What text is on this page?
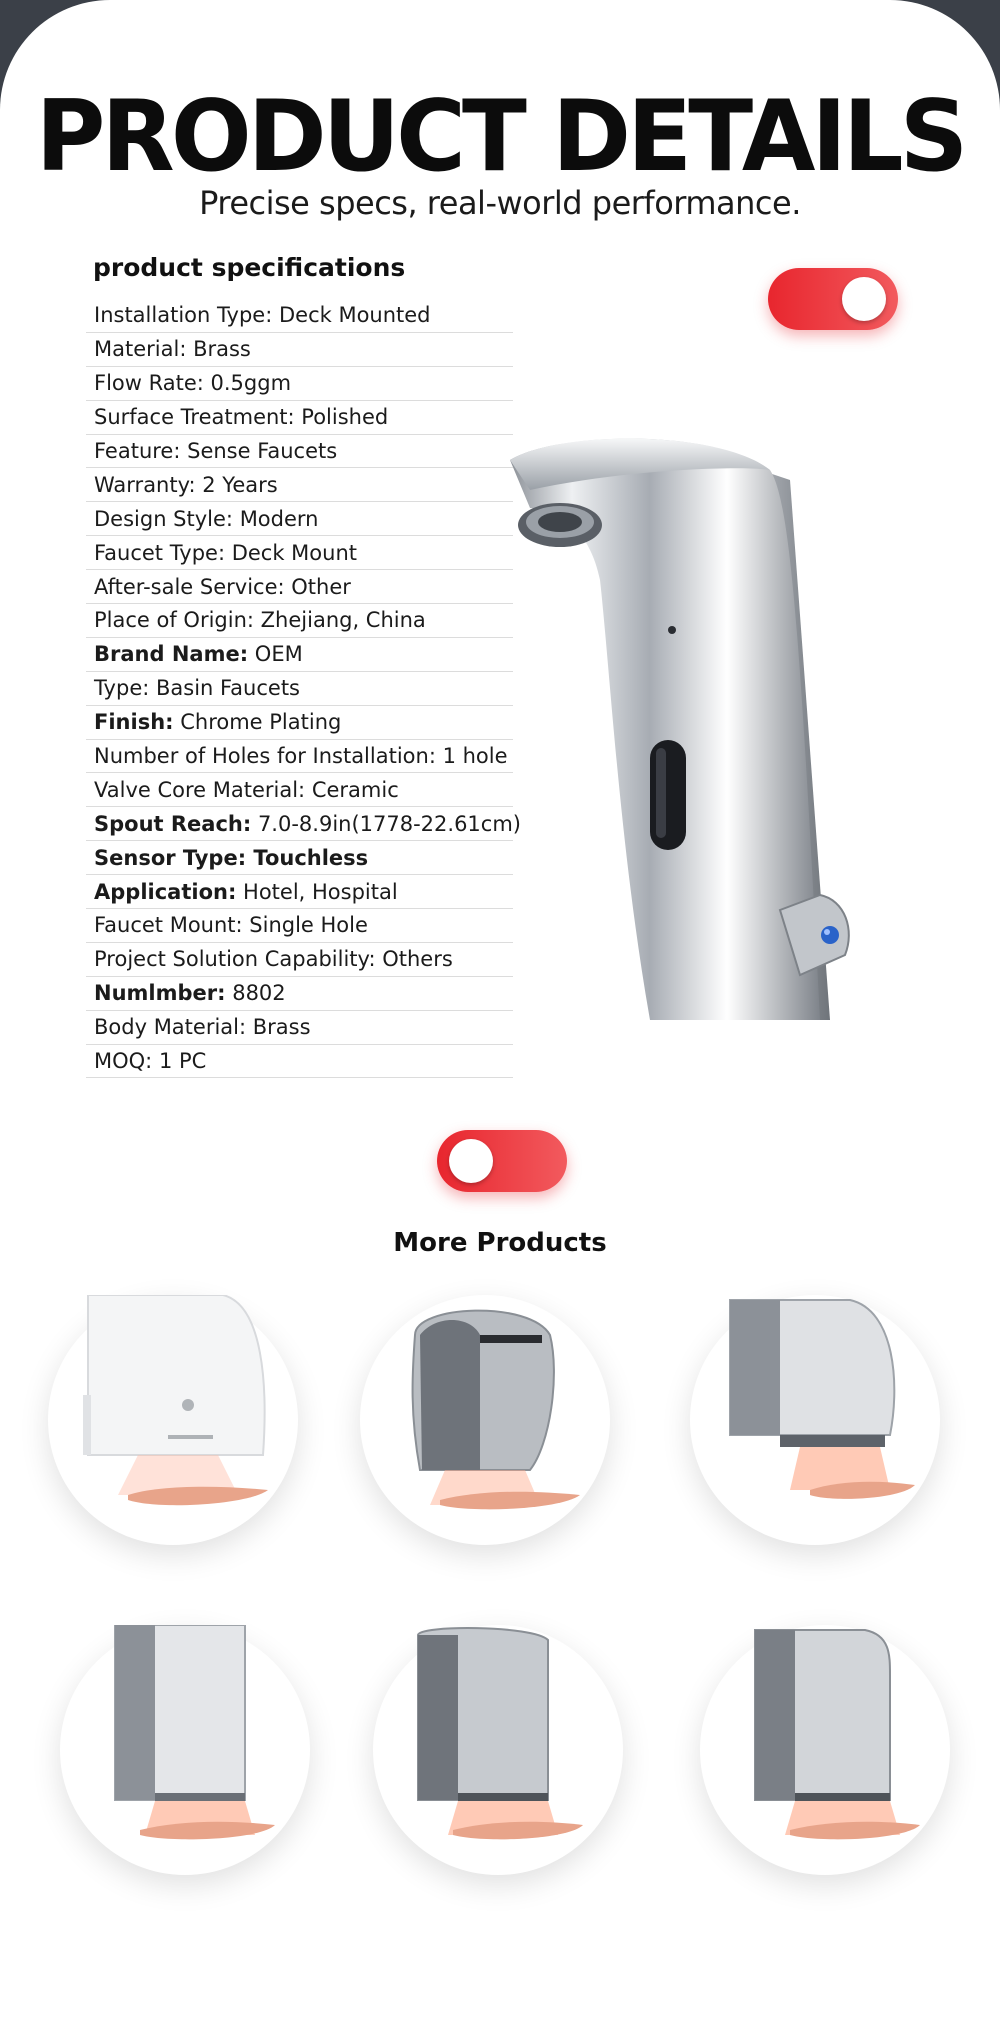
PRODUCT DETAILS
Precise specs, real-world performance.
product specifications
Installation Type: Deck Mounted
Material: Brass
Flow Rate: 0.5ggm
Surface Treatment: Polished
Feature: Sense Faucets
Warranty: 2 Years
Design Style: Modern
Faucet Type: Deck Mount
After-sale Service: Other
Place of Origin: Zhejiang, China
Brand Name: OEM
Type: Basin Faucets
Finish: Chrome Plating
Number of Holes for Installation: 1 hole
Valve Core Material: Ceramic
Spout Reach: 7.0-8.9in(1778-22.61cm)
Sensor Type: Touchless
Application: Hotel, Hospital
Faucet Mount: Single Hole
Project Solution Capability: Others
Numlmber: 8802
Body Material: Brass
MOQ: 1 PC
More Products
